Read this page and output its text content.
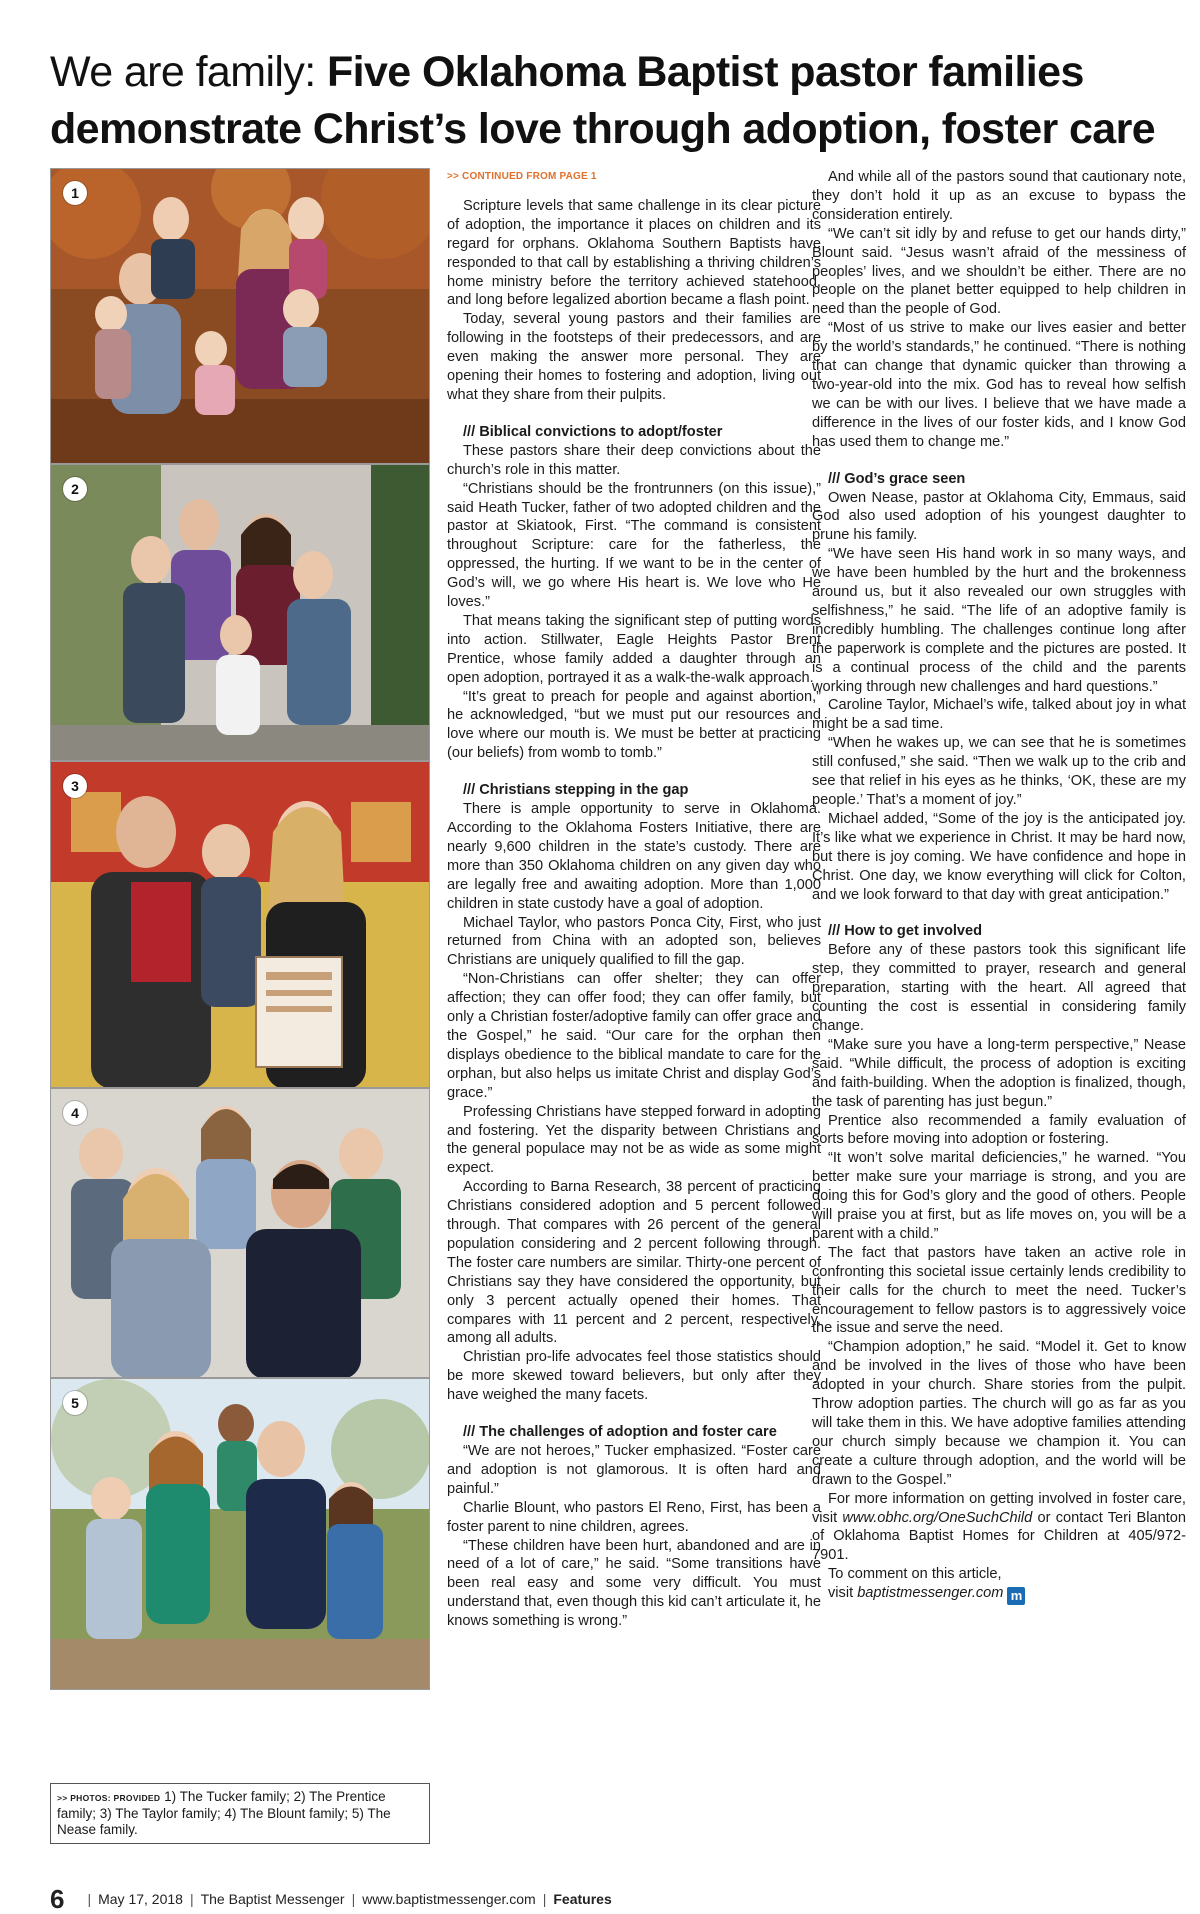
We are family: Five Oklahoma Baptist pastor families demonstrate Christ’s love through adoption, foster care
1
2
3
4
5
>> PHOTOS: PROVIDED 1) The Tucker family; 2) The Prentice family; 3) The Taylor family; 4) The Blount family; 5) The Nease family.
>> CONTINUED FROM PAGE 1

Scripture levels that same challenge in its clear picture of adoption, the importance it places on children and its regard for orphans. Oklahoma Southern Baptists have responded to that call by establishing a thriving children’s home ministry before the territory achieved statehood, and long before legalized abortion became a flash point.

Today, several young pastors and their families are following in the footsteps of their predecessors, and are even making the answer more personal. They are opening their homes to fostering and adoption, living out what they share from their pulpits.

/// Biblical convictions to adopt/foster

These pastors share their deep convictions about the church’s role in this matter.

“Christians should be the frontrunners (on this issue),” said Heath Tucker, father of two adopted children and the pastor at Skiatook, First. “The command is consistent throughout Scripture: care for the fatherless, the oppressed, the hurting. If we want to be in the center of God’s will, we go where His heart is. We love who He loves.”

That means taking the significant step of putting words into action. Stillwater, Eagle Heights Pastor Brent Prentice, whose family added a daughter through an open adoption, portrayed it as a walk-the-walk approach.

“It’s great to preach for people and against abortion,” he acknowledged, “but we must put our resources and love where our mouth is. We must be better at practicing (our beliefs) from womb to tomb.”

/// Christians stepping in the gap

There is ample opportunity to serve in Oklahoma. According to the Oklahoma Fosters Initiative, there are nearly 9,600 children in the state’s custody. There are more than 350 Oklahoma children on any given day who are legally free and awaiting adoption. More than 1,000 children in state custody have a goal of adoption.

Michael Taylor, who pastors Ponca City, First, who just returned from China with an adopted son, believes Christians are uniquely qualified to fill the gap.

“Non-Christians can offer shelter; they can offer affection; they can offer food; they can offer family, but only a Christian foster/adoptive family can offer grace and the Gospel,” he said. “Our care for the orphan then displays obedience to the biblical mandate to care for the orphan, but also helps us imitate Christ and display God’s grace.”

Professing Christians have stepped forward in adopting and fostering. Yet the disparity between Christians and the general populace may not be as wide as some might expect.

According to Barna Research, 38 percent of practicing Christians considered adoption and 5 percent followed through. That compares with 26 percent of the general population considering and 2 percent following through. The foster care numbers are similar. Thirty-one percent of Christians say they have considered the opportunity, but only 3 percent actually opened their homes. That compares with 11 percent and 2 percent, respectively, among all adults.

Christian pro-life advocates feel those statistics should be more skewed toward believers, but only after they have weighed the many facets.

/// The challenges of adoption and foster care

“We are not heroes,” Tucker emphasized. “Foster care and adoption is not glamorous. It is often hard and painful.”

Charlie Blount, who pastors El Reno, First, has been a foster parent to nine children, agrees.

“These children have been hurt, abandoned and are in need of a lot of care,” he said. “Some transitions have been real easy and some very difficult. You must understand that, even though this kid can’t articulate it, he knows something is wrong.”

And while all of the pastors sound that cautionary note, they don’t hold it up as an excuse to bypass the consideration entirely.

“We can’t sit idly by and refuse to get our hands dirty,” Blount said. “Jesus wasn’t afraid of the messiness of peoples’ lives, and we shouldn’t be either. There are no people on the planet better equipped to help children in need than the people of God.

“Most of us strive to make our lives easier and better by the world’s standards,” he continued. “There is nothing that can change that dynamic quicker than throwing a two-year-old into the mix. God has to reveal how selfish we can be with our lives. I believe that we have made a difference in the lives of our foster kids, and I know God has used them to change me.”

/// God’s grace seen

Owen Nease, pastor at Oklahoma City, Emmaus, said God also used adoption of his youngest daughter to prune his family.

“We have seen His hand work in so many ways, and we have been humbled by the hurt and the brokenness around us, but it also revealed our own struggles with selfishness,” he said. “The life of an adoptive family is incredibly humbling. The challenges continue long after the paperwork is complete and the pictures are posted. It is a continual process of the child and the parents working through new challenges and hard questions.”

Caroline Taylor, Michael’s wife, talked about joy in what might be a sad time.

“When he wakes up, we can see that he is sometimes still confused,” she said. “Then we walk up to the crib and see that relief in his eyes as he thinks, ‘OK, these are my people.’ That’s a moment of joy.”

Michael added, “Some of the joy is the anticipated joy. It’s like what we experience in Christ. It may be hard now, but there is joy coming. We have confidence and hope in Christ. One day, we know everything will click for Colton, and we look forward to that day with great anticipation.”

/// How to get involved

Before any of these pastors took this significant life step, they committed to prayer, research and general preparation, starting with the heart. All agreed that counting the cost is essential in considering family change.

“Make sure you have a long-term perspective,” Nease said. “While difficult, the process of adoption is exciting and faith-building. When the adoption is finalized, though, the task of parenting has just begun.”

Prentice also recommended a family evaluation of sorts before moving into adoption or fostering.

“It won’t solve marital deficiencies,” he warned. “You better make sure your marriage is strong, and you are doing this for God’s glory and the good of others. People will praise you at first, but as life moves on, you will be a parent with a child.”

The fact that pastors have taken an active role in confronting this societal issue certainly lends credibility to their calls for the church to meet the need. Tucker’s encouragement to fellow pastors is to aggressively voice the issue and serve the need.

“Champion adoption,” he said. “Model it. Get to know and be involved in the lives of those who have been adopted in your church. Share stories from the pulpit. Throw adoption parties. The church will go as far as you will take them in this. We have adoptive families attending our church simply because we champion it. You can create a culture through adoption, and the world will be drawn to the Gospel.”

For more information on getting involved in foster care, visit www.obhc.org/OneSuchChild or contact Teri Blanton of Oklahoma Baptist Homes for Children at 405/972-7901.

To comment on this article,

visit baptistmessenger.com m

6 | May 17, 2018 | The Baptist Messenger | www.baptistmessenger.com | Features
